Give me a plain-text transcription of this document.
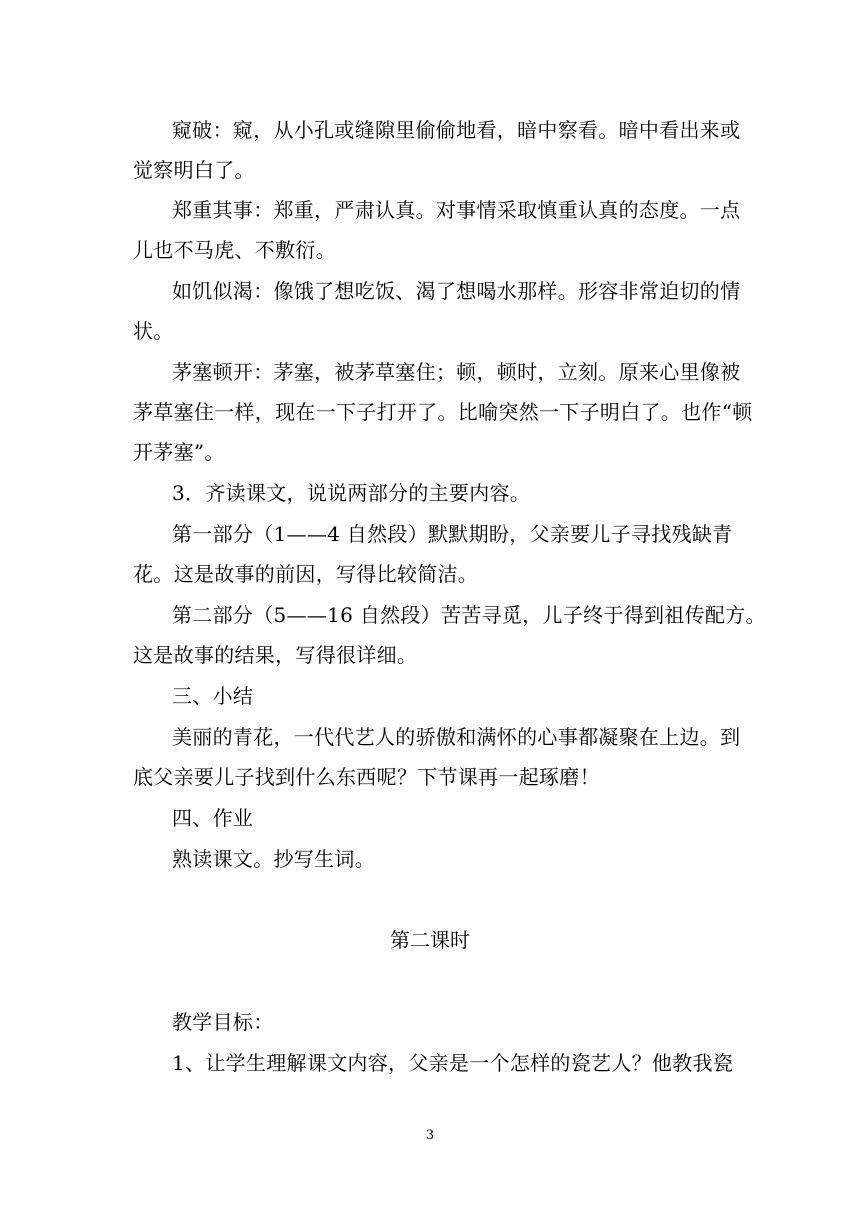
窥破：窥，从小孔或缝隙里偷偷地看，暗中察看。暗中看出来或
觉察明白了。
郑重其事：郑重，严肃认真。对事情采取慎重认真的态度。一点
儿也不马虎、不敷衍。
如饥似渴：像饿了想吃饭、渴了想喝水那样。形容非常迫切的情
状。
茅塞顿开：茅塞，被茅草塞住；顿，顿时，立刻。原来心里像被
茅草塞住一样，现在一下子打开了。比喻突然一下子明白了。也作“顿
开茅塞”。
3．齐读课文，说说两部分的主要内容。
第一部分（1——4 自然段）默默期盼，父亲要儿子寻找残缺青
花。这是故事的前因，写得比较简洁。
第二部分（5——16 自然段）苦苦寻觅，儿子终于得到祖传配方。
这是故事的结果，写得很详细。
三、小结
美丽的青花，一代代艺人的骄傲和满怀的心事都凝聚在上边。到
底父亲要儿子找到什么东西呢？下节课再一起琢磨！
四、作业
熟读课文。抄写生词。
第二课时
教学目标：
1、让学生理解课文内容，父亲是一个怎样的瓷艺人？他教我瓷
3
